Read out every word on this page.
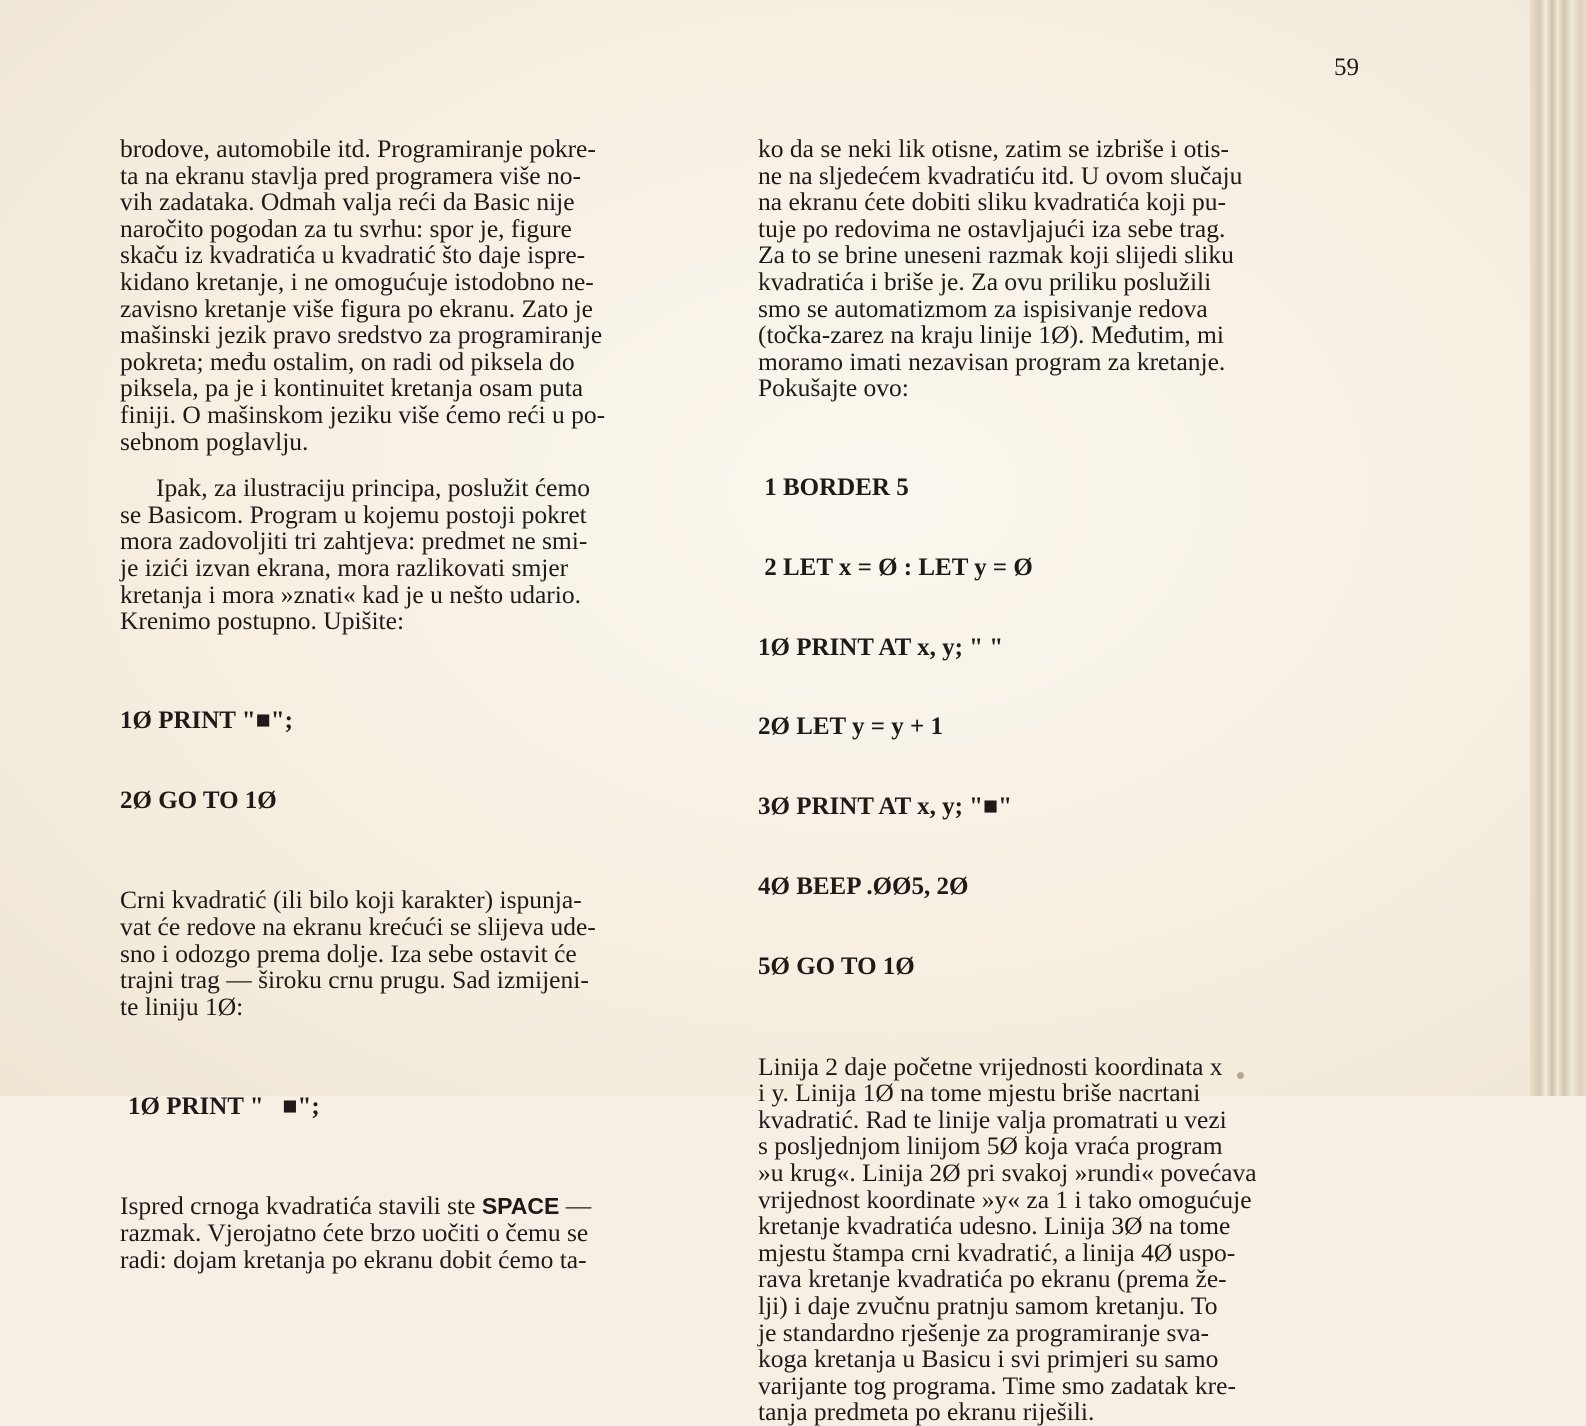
59
brodove, automobile itd. Programiranje pokre-
ta na ekranu stavlja pred programera više no-
vih zadataka. Odmah valja reći da Basic nije
naročito pogodan za tu svrhu: spor je, figure
skaču iz kvadratića u kvadratić što daje ispre-
kidano kretanje, i ne omogućuje istodobno ne-
zavisno kretanje više figura po ekranu. Zato je
mašinski jezik pravo sredstvo za programiranje
pokreta; među ostalim, on radi od piksela do
piksela, pa je i kontinuitet kretanja osam puta
finiji. O mašinskom jeziku više ćemo reći u po-
sebnom poglavlju.
Ipak, za ilustraciju principa, poslužit ćemo
se Basicom. Program u kojemu postoji pokret
mora zadovoljiti tri zahtjeva: predmet ne smi-
je izići izvan ekrana, mora razlikovati smjer
kretanja i mora »znati« kad je u nešto udario.
Krenimo postupno. Upišite:

1Ø PRINT "■";

2Ø GO TO 1Ø

Crni kvadratić (ili bilo koji karakter) ispunja-
vat će redove na ekranu krećući se slijeva ude-
sno i odozgo prema dolje. Iza sebe ostavit će
trajni trag — široku crnu prugu. Sad izmijeni-
te liniju 1Ø:

1Ø PRINT "   ■";

Ispred crnoga kvadratića stavili ste SPACE —
razmak. Vjerojatno ćete brzo uočiti o čemu se
radi: dojam kretanja po ekranu dobit ćemo ta-
ko da se neki lik otisne, zatim se izbriše i otis-
ne na sljedećem kvadratiću itd. U ovom slučaju
na ekranu ćete dobiti sliku kvadratića koji pu-
tuje po redovima ne ostavljajući iza sebe trag.
Za to se brine uneseni razmak koji slijedi sliku
kvadratića i briše je. Za ovu priliku poslužili
smo se automatizmom za ispisivanje redova
(točka-zarez na kraju linije 1Ø). Međutim, mi
moramo imati nezavisan program za kretanje.
Pokušajte ovo:

1 BORDER 5

2 LET x = Ø : LET y = Ø

1Ø PRINT AT x, y; " "

2Ø LET y = y + 1

3Ø PRINT AT x, y; "■"

4Ø BEEP .ØØ5, 2Ø

5Ø GO TO 1Ø

Linija 2 daje početne vrijednosti koordinata x
i y. Linija 1Ø na tome mjestu briše nacrtani
kvadratić. Rad te linije valja promatrati u vezi
s posljednjom linijom 5Ø koja vraća program
»u krug«. Linija 2Ø pri svakoj »rundi« povećava
vrijednost koordinate »y« za 1 i tako omogućuje
kretanje kvadratića udesno. Linija 3Ø na tome
mjestu štampa crni kvadratić, a linija 4Ø uspo-
rava kretanje kvadratića po ekranu (prema že-
lji) i daje zvučnu pratnju samom kretanju. To
je standardno rješenje za programiranje sva-
koga kretanja u Basicu i svi primjeri su samo
varijante tog programa. Time smo zadatak kre-
tanja predmeta po ekranu riješili.
